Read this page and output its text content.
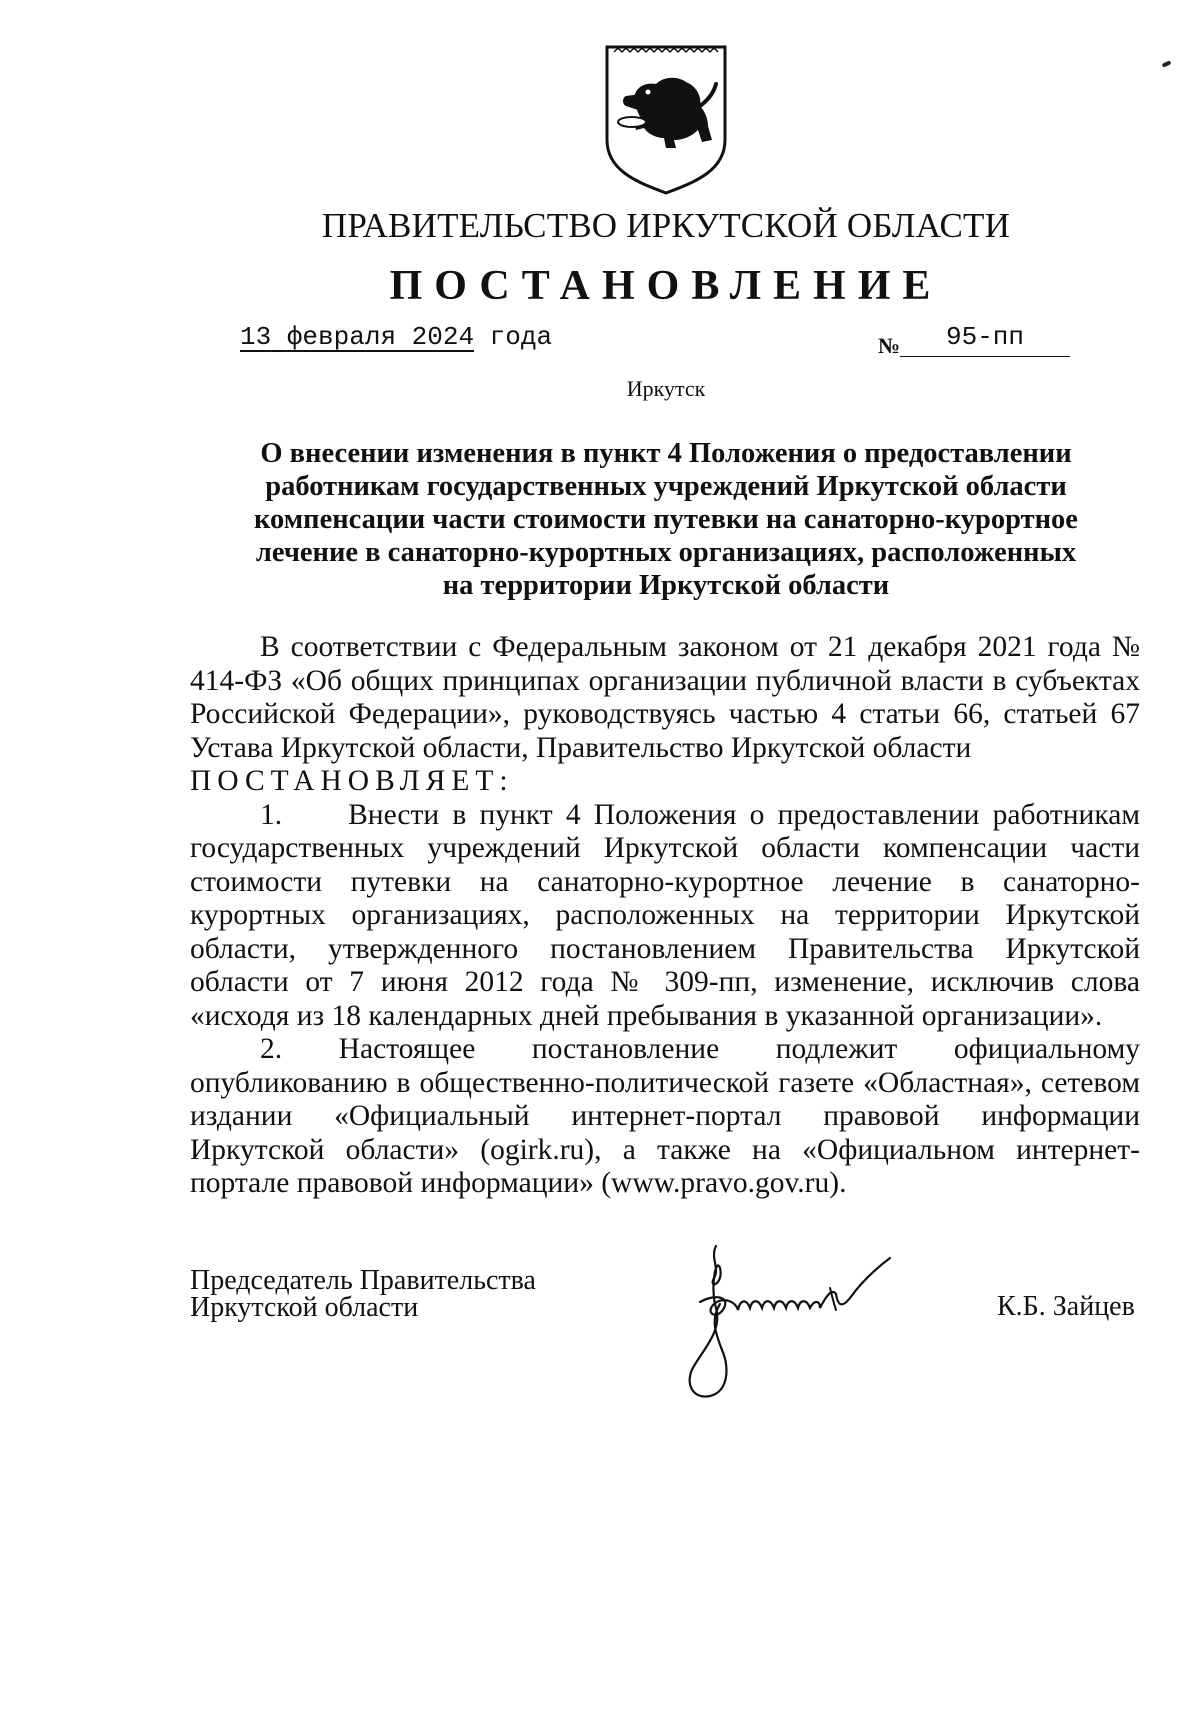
ПРАВИТЕЛЬСТВО ИРКУТСКОЙ ОБЛАСТИ
ПОСТАНОВЛЕНИЕ
13 февраля 2024 года	№	95-пп
Иркутск
О внесении изменения в пункт 4 Положения о предоставлении
работникам государственных учреждений Иркутской области
компенсации части стоимости путевки на санаторно-курортное
лечение в санаторно-курортных организациях, расположенных
на территории Иркутской области

В соответствии с Федеральным законом от 21 декабря 2021 года № 414-ФЗ «Об общих принципах организации публичной власти в субъектах Российской Федерации», руководствуясь частью 4 статьи 66, статьей 67 Устава Иркутской области, Правительство Иркутской области

ПОСТАНОВЛЯЕТ:

1.     Внести в пункт 4 Положения о предоставлении работникам государственных учреждений Иркутской области компенсации части стоимости путевки на санаторно-курортное лечение в санаторно-курортных организациях, расположенных на территории Иркутской области, утвержденного постановлением Правительства Иркутской области от 7 июня 2012 года № 309-пп, изменение, исключив слова «исходя из 18 календарных дней пребывания в указанной организации».

2. Настоящее постановление подлежит официальному опубликованию в общественно-политической газете «Областная», сетевом издании «Официальный интернет-портал правовой информации Иркутской области» (ogirk.ru), а также на «Официальном интернет-портале правовой информации» (www.pravo.gov.ru).

Председатель Правительства
Иркутской области	К.Б. Зайцев
